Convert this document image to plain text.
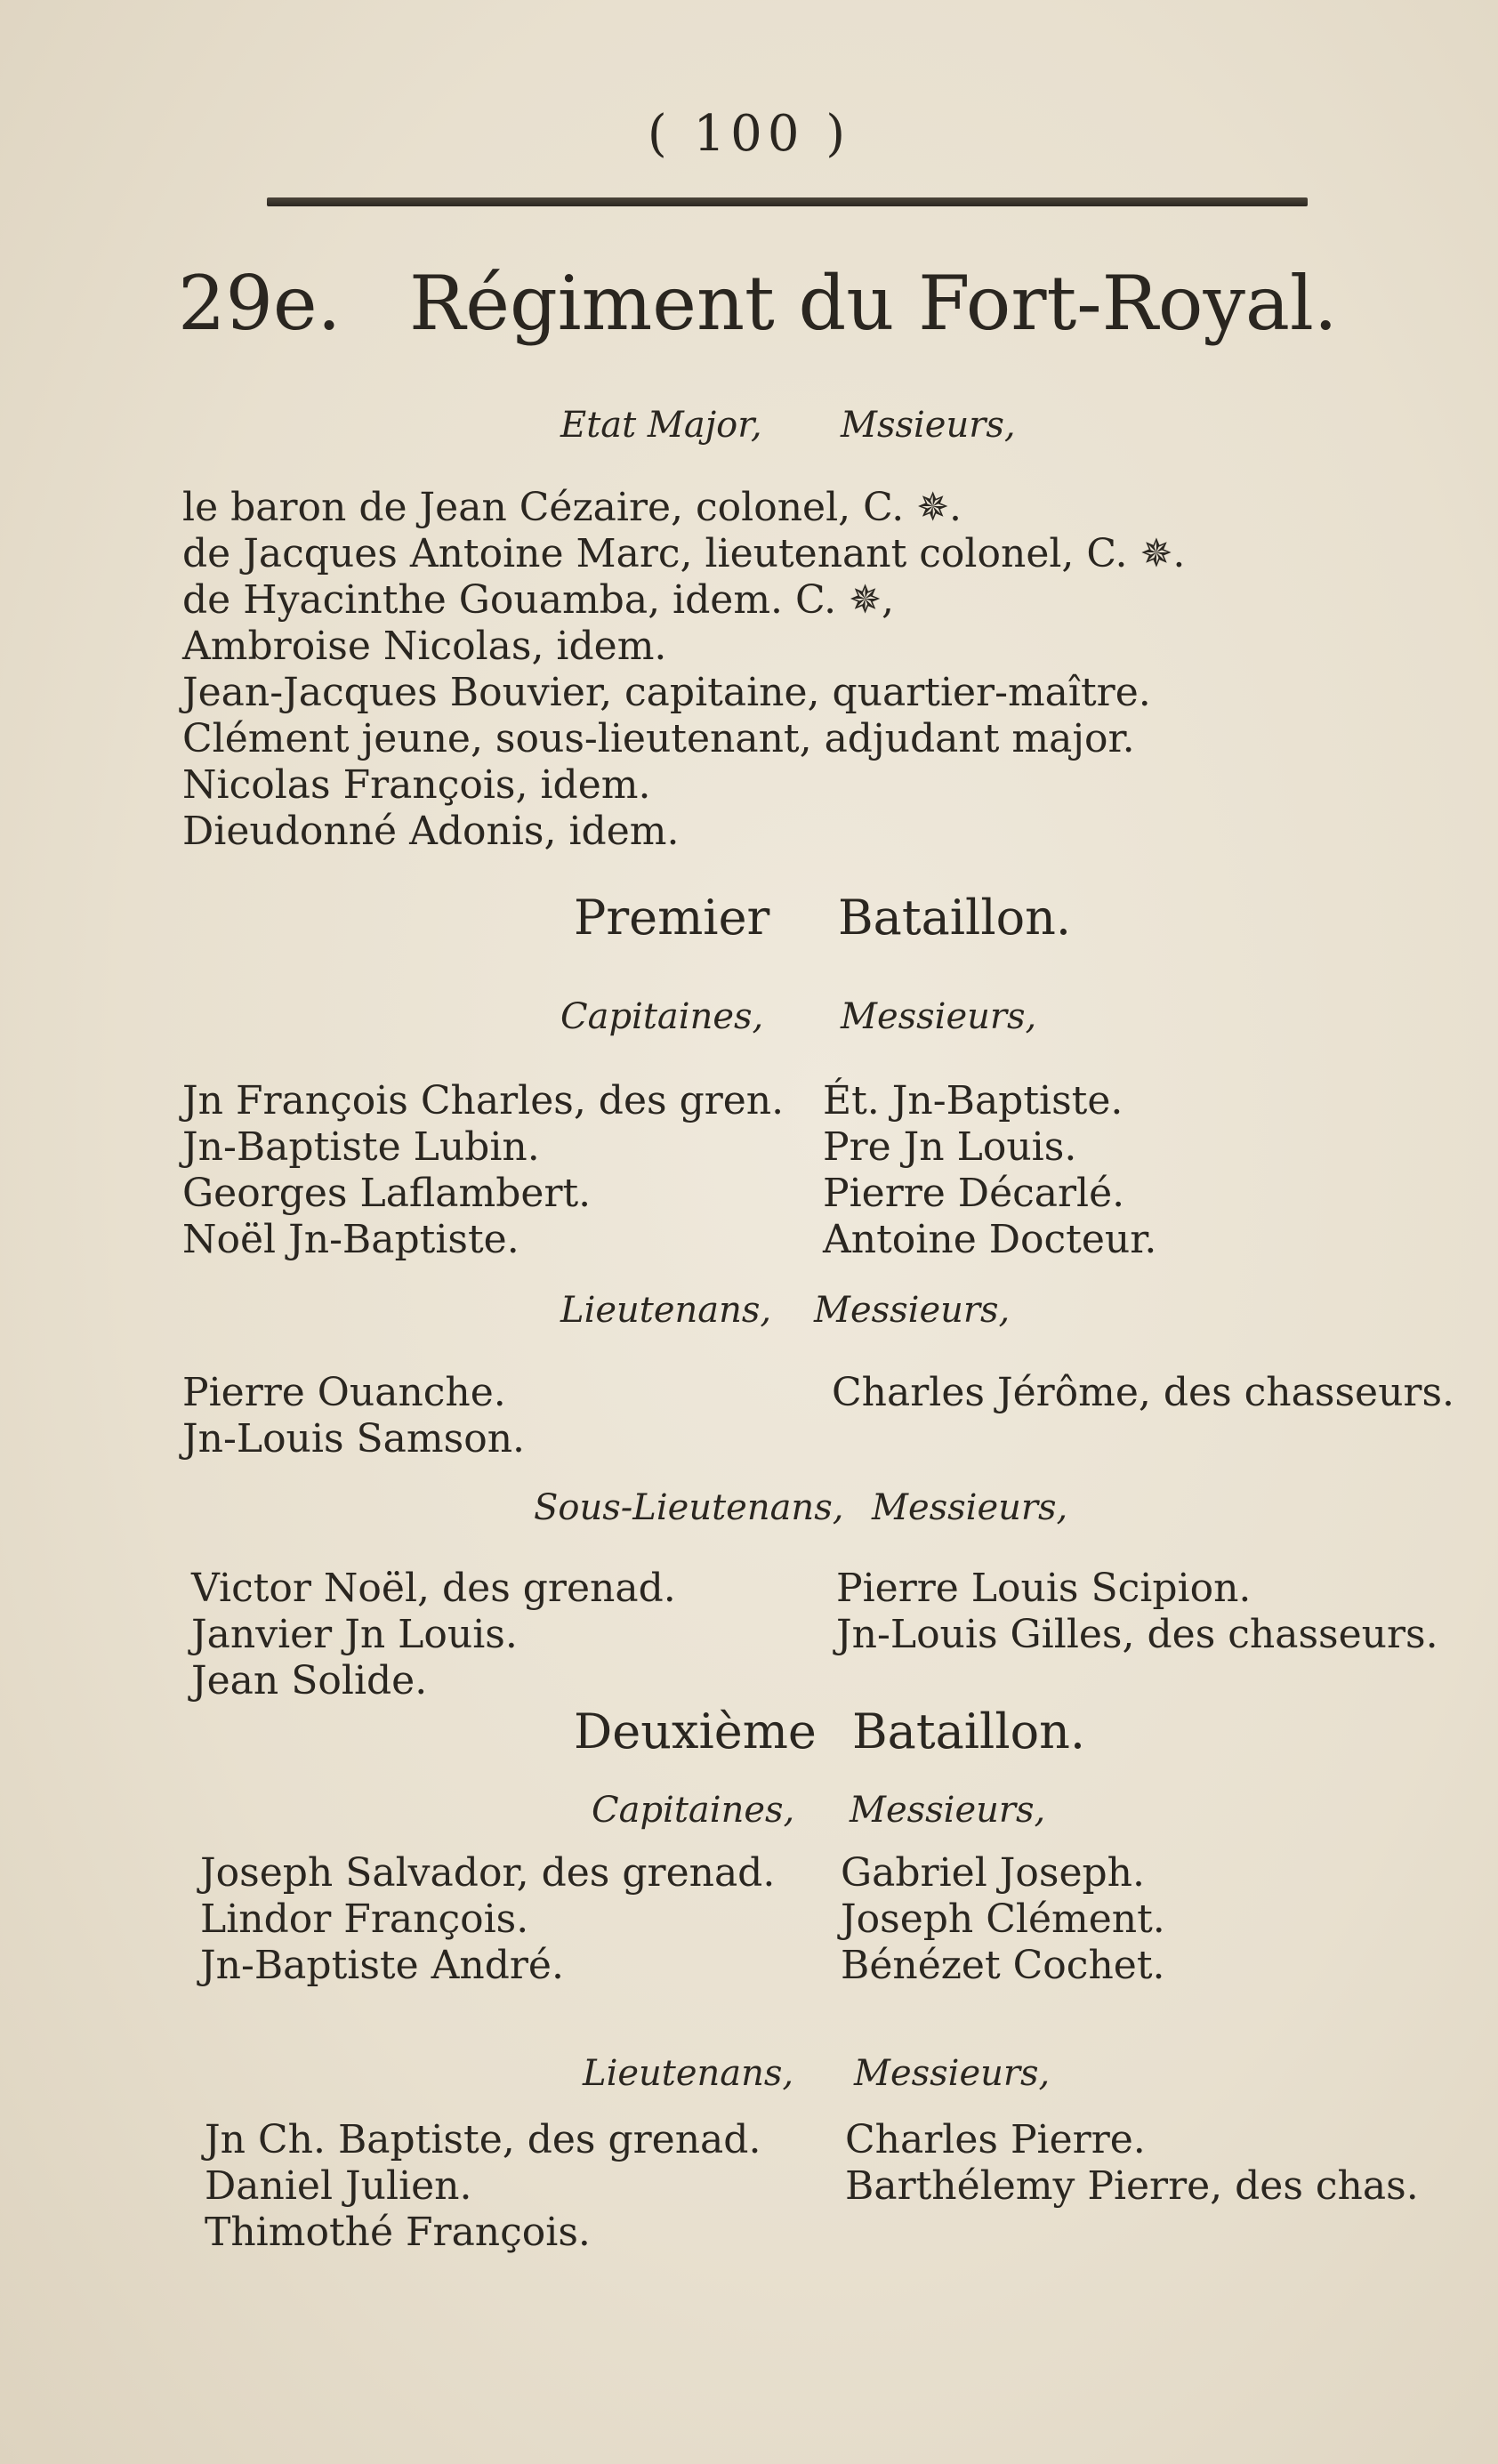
( 100 )
29e. Régiment du Fort-Royal.
Etat Major, Mssieurs,
le baron de Jean Cézaire, colonel, C. ✵.
de Jacques Antoine Marc, lieutenant colonel, C. ✵.
de Hyacinthe Gouamba, idem. C. ✵,
Ambroise Nicolas, idem.
Jean-Jacques Bouvier, capitaine, quartier-maître.
Clément jeune, sous-lieutenant, adjudant major.
Nicolas François, idem.
Dieudonné Adonis, idem.
Premier Bataillon.
Capitaines, Messieurs,
Jn François Charles, des gren.
Jn-Baptiste Lubin.
Georges Laflambert.
Noël Jn-Baptiste.
Ét. Jn-Baptiste.
Pre Jn Louis.
Pierre Décarlé.
Antoine Docteur.
Lieutenans, Messieurs,
Pierre Ouanche.
Jn-Louis Samson.
Charles Jérôme, des chasseurs.
Sous-Lieutenans, Messieurs,
Victor Noël, des grenad.
Janvier Jn Louis.
Jean Solide.
Pierre Louis Scipion.
Jn-Louis Gilles, des chasseurs.
Deuxième Bataillon.
Capitaines, Messieurs,
Joseph Salvador, des grenad.
Lindor François.
Jn-Baptiste André.
Gabriel Joseph.
Joseph Clément.
Bénézet Cochet.
Lieutenans, Messieurs,
Jn Ch. Baptiste, des grenad.
Daniel Julien.
Thimothé François.
Charles Pierre.
Barthélemy Pierre, des chas.
